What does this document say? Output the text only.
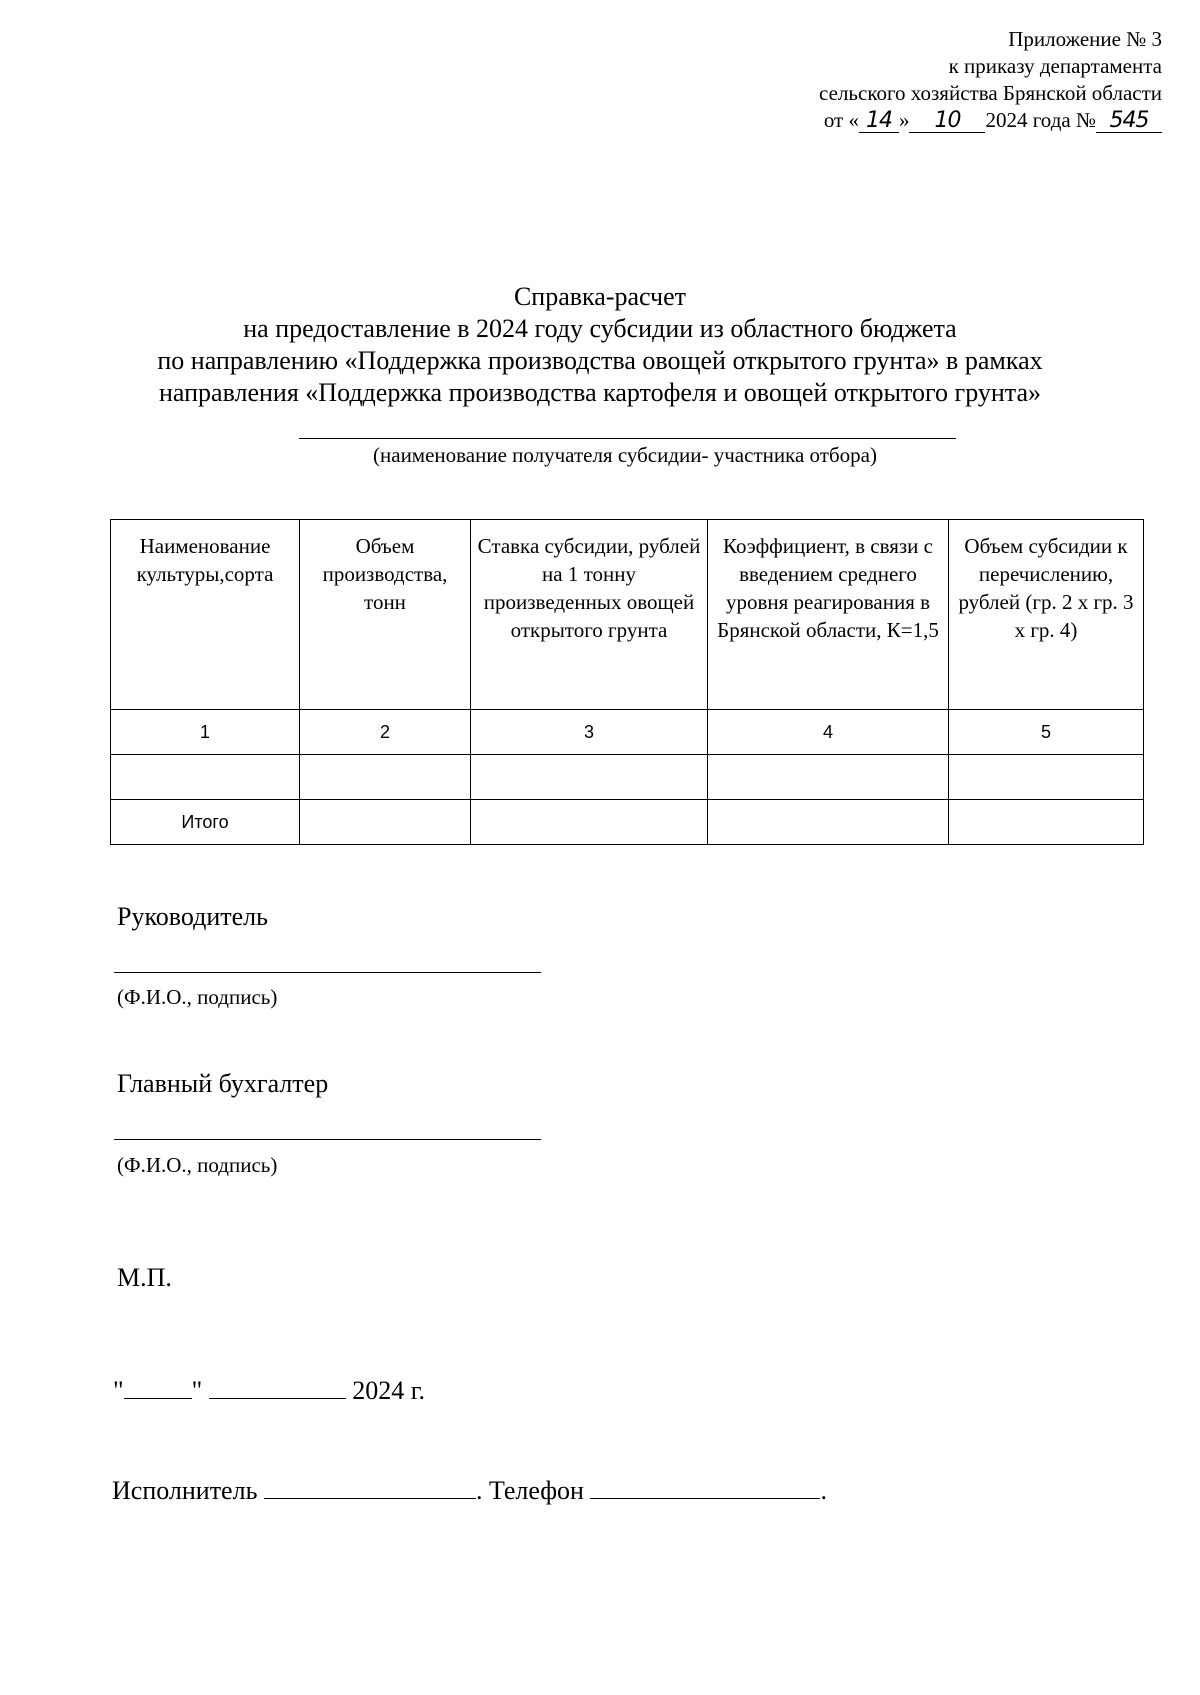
Приложение № 3
к приказу департамента
сельского хозяйства Брянской области
от « 14 » 10 2024 года № 545
Справка-расчет
на предоставление в 2024 году субсидии из областного бюджета
по направлению «Поддержка производства овощей открытого грунта» в рамках
направления «Поддержка производства картофеля и овощей открытого грунта»
(наименование получателя субсидии- участника отбора)
Наименование культуры,сорта	Объем производства, тонн	Ставка субсидии, рублей на 1 тонну произведенных овощей открытого грунта	Коэффициент, в связи с введением среднего уровня реагирования в Брянской области, К=1,5	Объем субсидии к перечислению, рублей (гр. 2 х гр. 3 х гр. 4)
1	2	3	4	5

Итого				
Руководитель
(Ф.И.О., подпись)
Главный бухгалтер
(Ф.И.О., подпись)
М.П.
"	"	2024 г.
Исполнитель	. Телефон	.
